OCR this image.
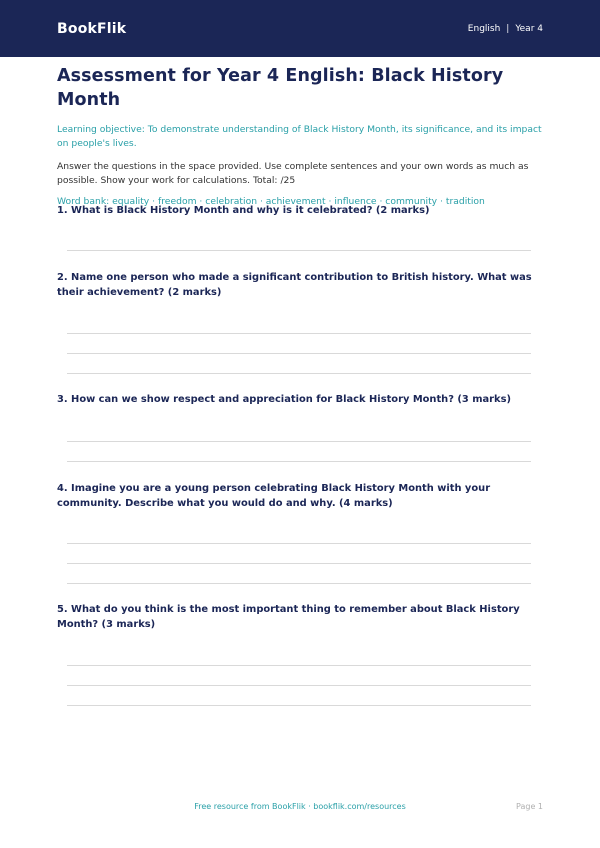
BookFlik	English | Year 4
Assessment for Year 4 English: Black History Month

Learning objective: To demonstrate understanding of Black History Month, its significance, and its impact on people's lives.

Answer the questions in the space provided. Use complete sentences and your own words as much as possible. Show your work for calculations. Total: /25

Word bank: equality · freedom · celebration · achievement · influence · community · tradition

1. What is Black History Month and why is it celebrated? (2 marks)
2. Name one person who made a significant contribution to British history. What was their achievement? (2 marks)
3. How can we show respect and appreciation for Black History Month? (3 marks)
4. Imagine you are a young person celebrating Black History Month with your community. Describe what you would do and why. (4 marks)
5. What do you think is the most important thing to remember about Black History Month? (3 marks)
Free resource from BookFlik · bookflik.com/resources	Page 1
